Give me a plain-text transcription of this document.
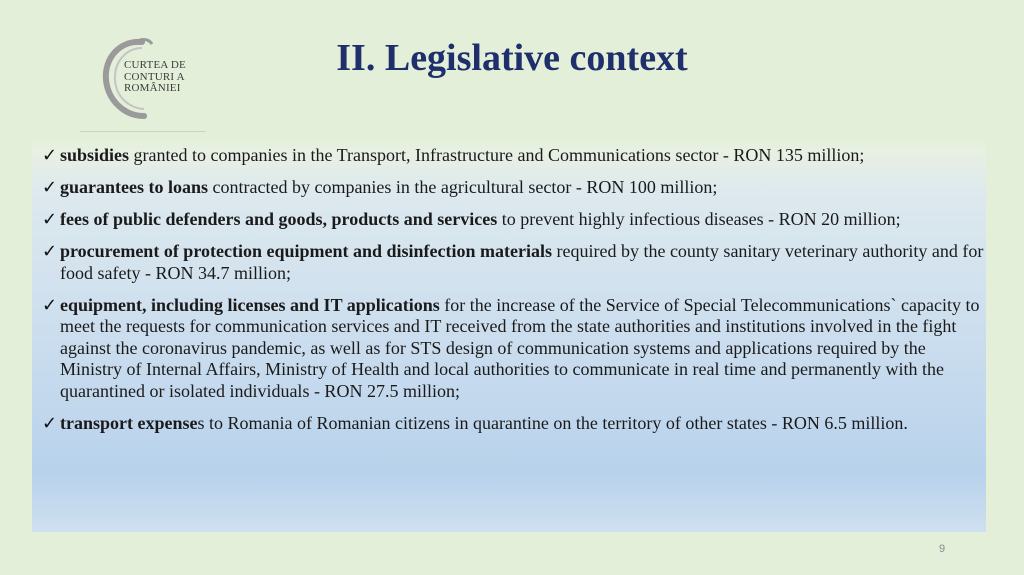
CURTEA DE
CONTURI A
ROMÂNIEI
II. Legislative context
✓ subsidies granted to companies in the Transport, Infrastructure and Communications sector - RON 135 million;
✓ guarantees to loans contracted by companies in the agricultural sector - RON 100 million;
✓ fees of public defenders and goods, products and services to prevent highly infectious diseases - RON 20 million;
✓ procurement of protection equipment and disinfection materials required by the county sanitary veterinary authority and for food safety - RON 34.7 million;
✓ equipment, including licenses and IT applications for the increase of the Service of Special Telecommunications` capacity to meet the requests for communication services and IT received from the state authorities and institutions involved in the fight against the coronavirus pandemic, as well as for STS design of communication systems and applications required by the Ministry of Internal Affairs, Ministry of Health and local authorities to communicate in real time and permanently with the quarantined or isolated individuals - RON 27.5 million;
✓ transport expenses to Romania of Romanian citizens in quarantine on the territory of other states - RON 6.5 million.
9
